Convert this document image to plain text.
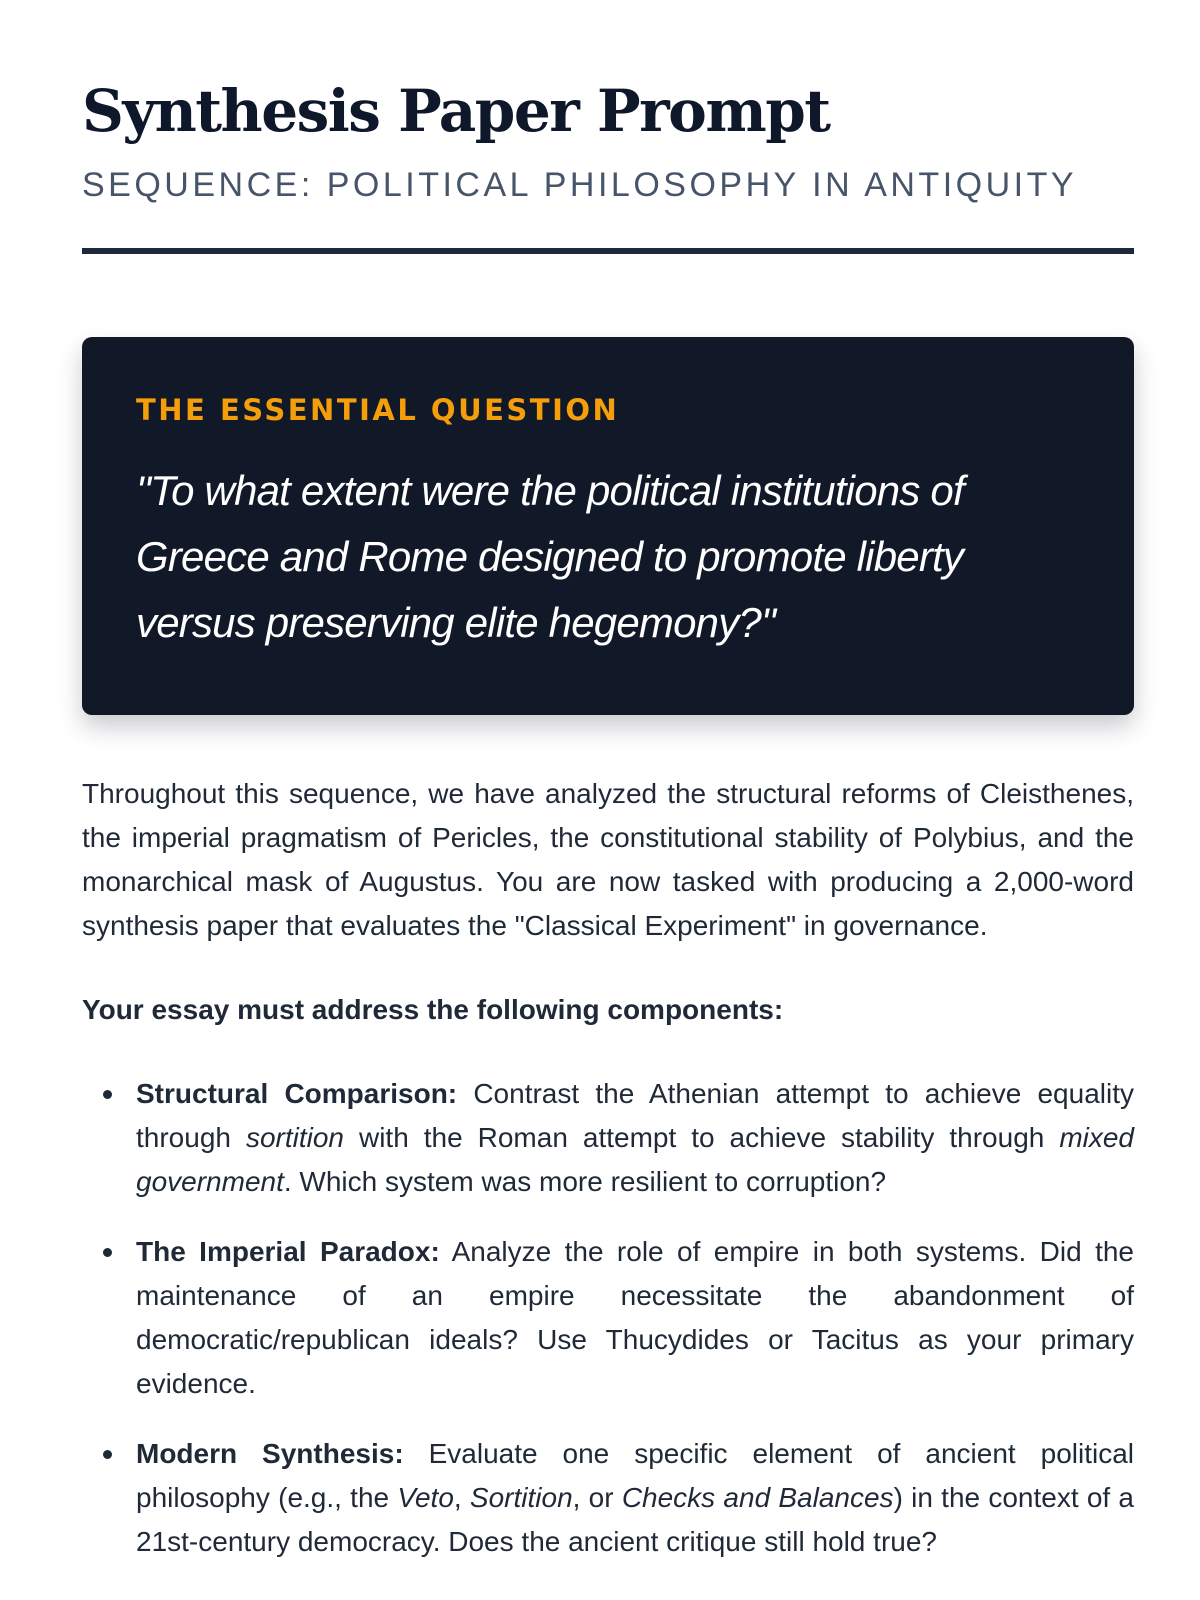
Synthesis Paper Prompt
SEQUENCE: POLITICAL PHILOSOPHY IN ANTIQUITY
THE ESSENTIAL QUESTION
"To what extent were the political institutions of Greece and Rome designed to promote liberty versus preserving elite hegemony?"

Throughout this sequence, we have analyzed the structural reforms of Cleisthenes, the imperial pragmatism of Pericles, the constitutional stability of Polybius, and the monarchical mask of Augustus. You are now tasked with producing a 2,000-word synthesis paper that evaluates the "Classical Experiment" in governance.

Your essay must address the following components:

Structural Comparison: Contrast the Athenian attempt to achieve equality through sortition with the Roman attempt to achieve stability through mixed government. Which system was more resilient to corruption?
The Imperial Paradox: Analyze the role of empire in both systems. Did the maintenance of an empire necessitate the abandonment of democratic/republican ideals? Use Thucydides or Tacitus as your primary evidence.
Modern Synthesis: Evaluate one specific element of ancient political philosophy (e.g., the Veto, Sortition, or Checks and Balances) in the context of a 21st-century democracy. Does the ancient critique still hold true?
